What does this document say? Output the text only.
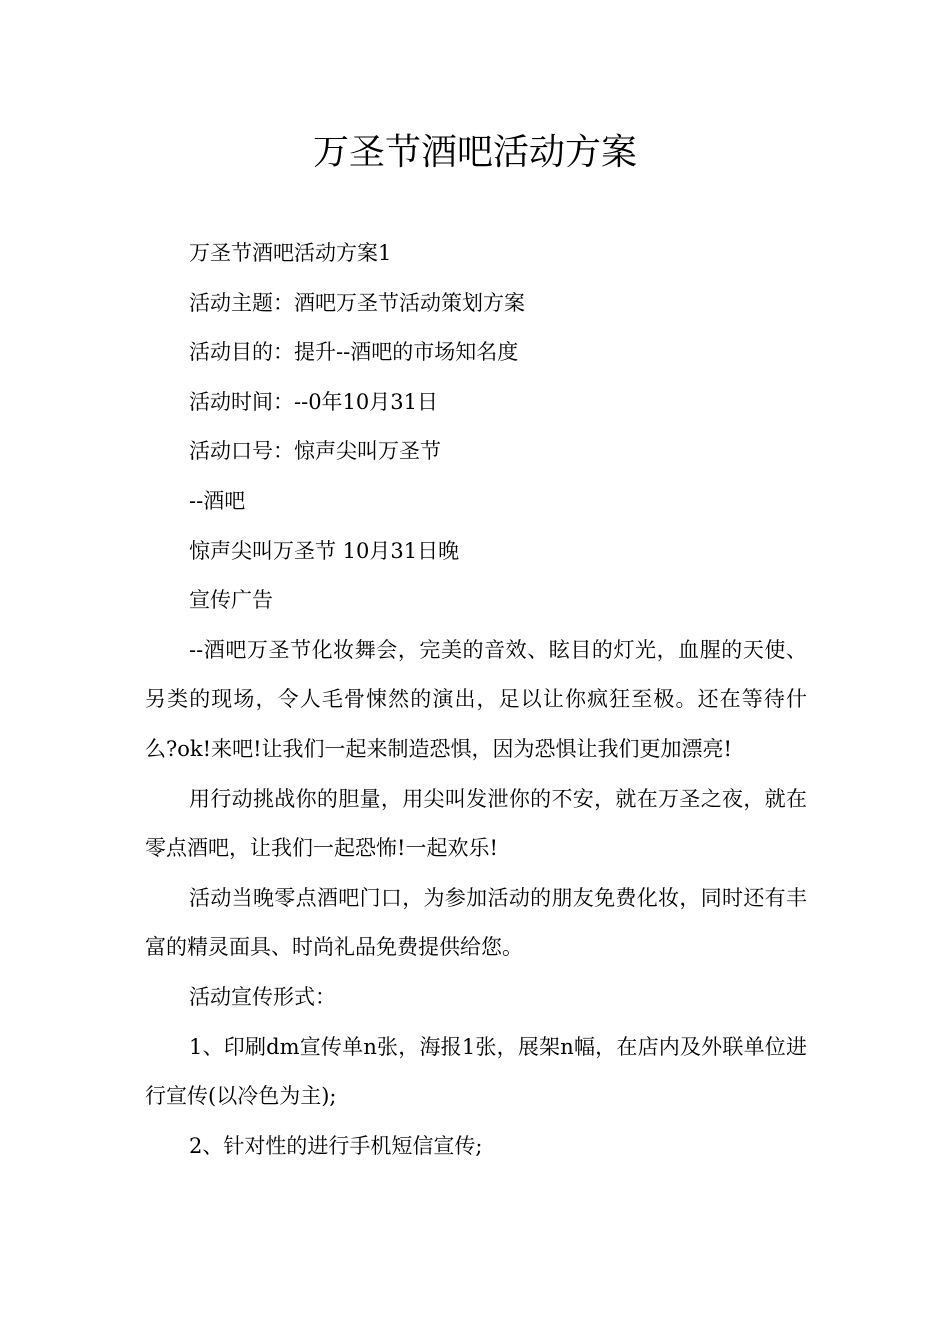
万圣节酒吧活动方案

万圣节酒吧活动方案1

活动主题：酒吧万圣节活动策划方案

活动目的：提升--酒吧的市场知名度

活动时间：--0年10月31日

活动口号：惊声尖叫万圣节

--酒吧

惊声尖叫万圣节 10月31日晚

宣传广告

--酒吧万圣节化妆舞会，完美的音效、眩目的灯光，血腥的天使、另类的现场，令人毛骨悚然的演出，足以让你疯狂至极。还在等待什么?ok!来吧!让我们一起来制造恐惧，因为恐惧让我们更加漂亮!

用行动挑战你的胆量，用尖叫发泄你的不安，就在万圣之夜，就在零点酒吧，让我们一起恐怖!一起欢乐!

活动当晚零点酒吧门口，为参加活动的朋友免费化妆，同时还有丰富的精灵面具、时尚礼品免费提供给您。

活动宣传形式：

1、印刷dm宣传单n张，海报1张，展架n幅，在店内及外联单位进行宣传(以冷色为主);

2、针对性的进行手机短信宣传;
